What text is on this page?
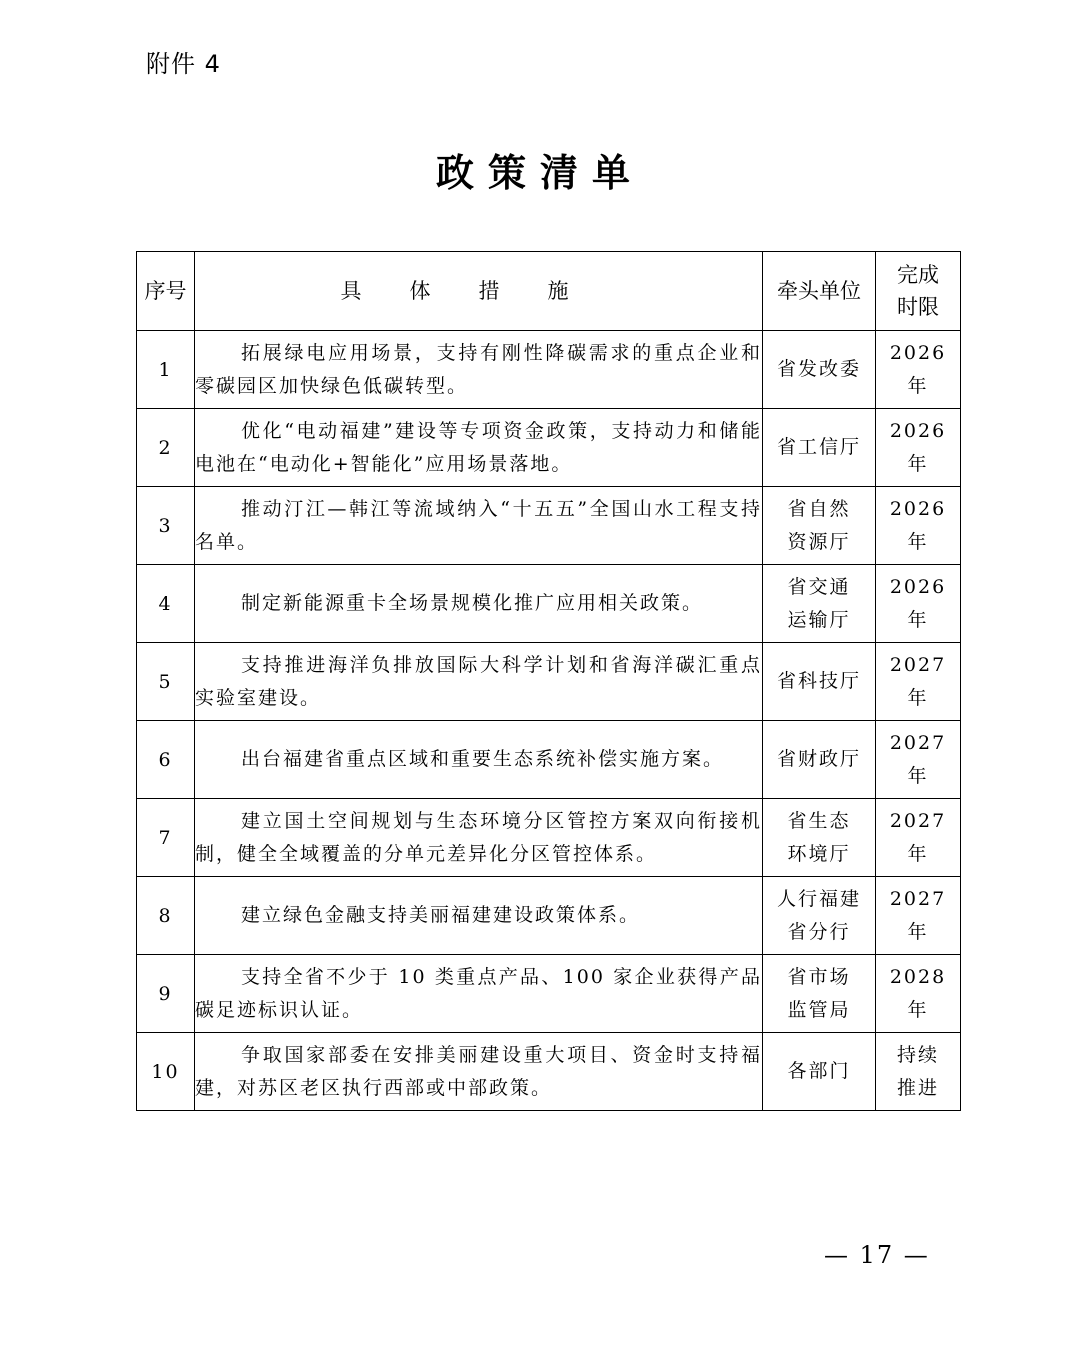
附件 4
政策清单
序号	具体措施	牵头单位	完成时限

1	拓展绿电应用场景，支持有刚性降碳需求的重点企业和零碳园区加快绿色低碳转型。	省发改委	2026 年
2	优化“电动福建”建设等专项资金政策，支持动力和储能电池在“电动化+智能化”应用场景落地。	省工信厅	2026 年
3	推动汀江—韩江等流域纳入“十五五”全国山水工程支持名单。	省自然资源厅	2026 年
4	制定新能源重卡全场景规模化推广应用相关政策。	省交通运输厅	2026 年
5	支持推进海洋负排放国际大科学计划和省海洋碳汇重点实验室建设。	省科技厅	2027 年
6	出台福建省重点区域和重要生态系统补偿实施方案。	省财政厅	2027 年
7	建立国土空间规划与生态环境分区管控方案双向衔接机制，健全全域覆盖的分单元差异化分区管控体系。	省生态环境厅	2027 年
8	建立绿色金融支持美丽福建建设政策体系。	人行福建省分行	2027 年
9	支持全省不少于 10 类重点产品、100 家企业获得产品碳足迹标识认证。	省市场监管局	2028 年
10	争取国家部委在安排美丽建设重大项目、资金时支持福建，对苏区老区执行西部或中部政策。	各部门	持续推进
— 17 —
